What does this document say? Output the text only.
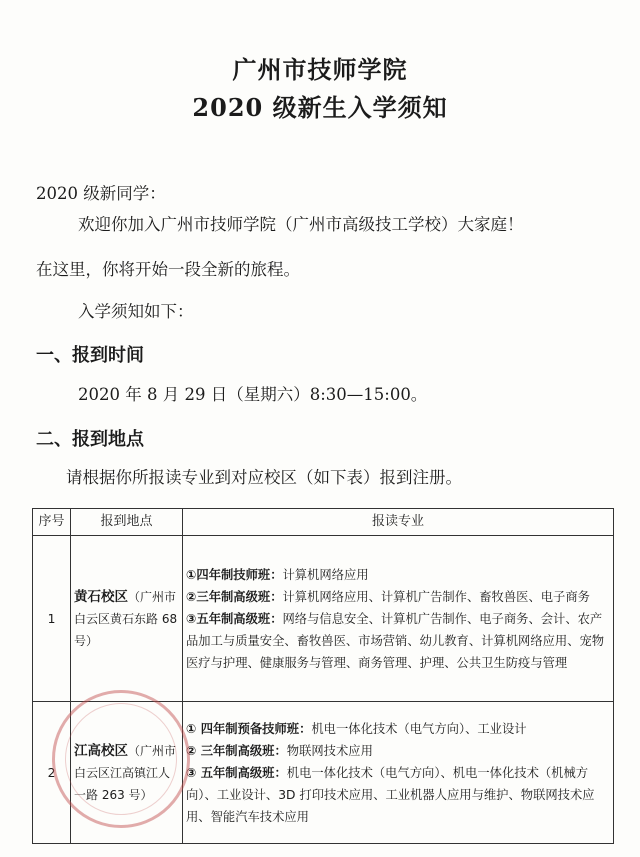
广州市技师学院
2020 级新生入学须知
2020 级新同学：
欢迎你加入广州市技师学院（广州市高级技工学校）大家庭！
在这里，你将开始一段全新的旅程。
入学须知如下：
一、报到时间
2020 年 8 月 29 日（星期六）8:30—15:00。
二、报到地点
请根据你所报读专业到对应校区（如下表）报到注册。
序号	报到地点	报读专业
1	黄石校区（广州市白云区黄石东路 68 号）	①四年制技师班：计算机网络应用
②三年制高级班：计算机网络应用、计算机广告制作、畜牧兽医、电子商务
③五年制高级班：网络与信息安全、计算机广告制作、电子商务、会计、农产品加工与质量安全、畜牧兽医、市场营销、幼儿教育、计算机网络应用、宠物医疗与护理、健康服务与管理、商务管理、护理、公共卫生防疫与管理

2	江高校区（广州市白云区江高镇江人一路 263 号）	① 四年制预备技师班：机电一体化技术（电气方向）、工业设计
② 三年制高级班：物联网技术应用
③ 五年制高级班：机电一体化技术（电气方向）、机电一体化技术（机械方向）、工业设计、3D 打印技术应用、工业机器人应用与维护、物联网技术应用、智能汽车技术应用
